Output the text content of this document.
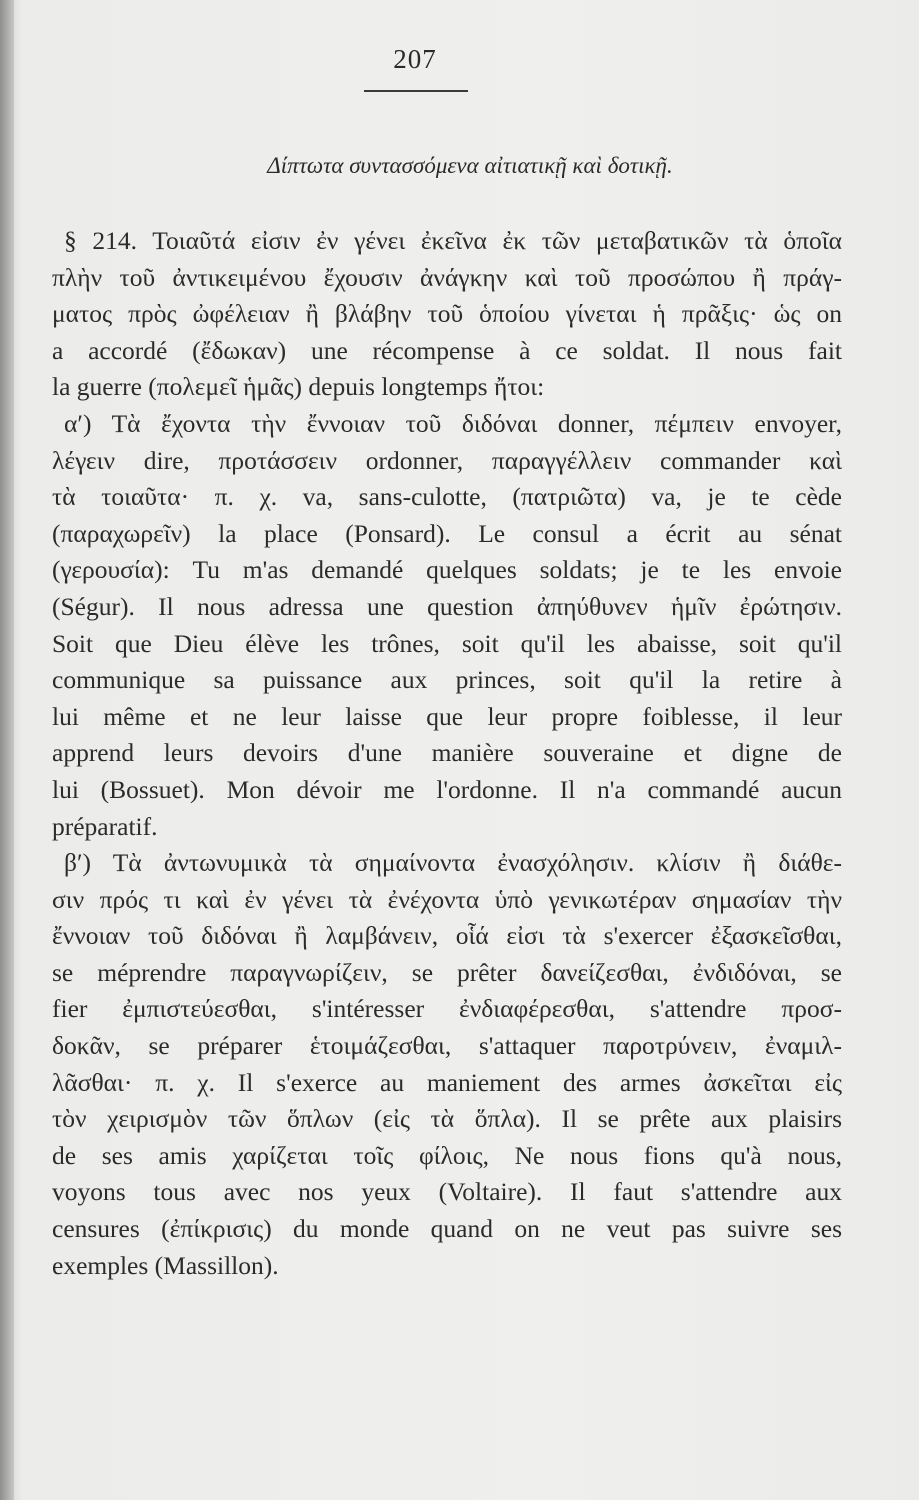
207
Δίπτωτα συντασσόμενα αἰτιατικῇ καὶ δοτικῇ.
§ 214. Τοιαῦτά εἰσιν ἐν γένει ἐκεῖνα ἐκ τῶν μεταβατικῶν τὰ ὁποῖα
πλὴν τοῦ ἀντικειμένου ἔχουσιν ἀνάγκην καὶ τοῦ προσώπου ἢ πράγ-
ματος πρὸς ὠφέλειαν ἢ βλάβην τοῦ ὁποίου γίνεται ἡ πρᾶξις· ὡς on
a accordé (ἔδωκαν) une récompense à ce soldat. Il nous fait
la guerre (πολεμεῖ ἡμᾶς) depuis longtemps ἤτοι:
α′) Τὰ ἔχοντα τὴν ἔννοιαν τοῦ διδόναι donner, πέμπειν envoyer,
λέγειν dire, προτάσσειν ordonner, παραγγέλλειν commander καὶ
τὰ τοιαῦτα· π. χ. va, sans-culotte, (πατριῶτα) va, je te cède
(παραχωρεῖν) la place (Ponsard). Le consul a écrit au sénat
(γερουσία): Tu m'as demandé quelques soldats; je te les envoie
(Ségur). Il nous adressa une question ἀπηύθυνεν ἡμῖν ἐρώτησιν.
Soit que Dieu élève les trônes, soit qu'il les abaisse, soit qu'il
communique sa puissance aux princes, soit qu'il la retire à
lui même et ne leur laisse que leur propre foiblesse, il leur
apprend leurs devoirs d'une manière souveraine et digne de
lui (Bossuet). Mon dévoir me l'ordonne. Il n'a commandé aucun
préparatif.
β′) Τὰ ἀντωνυμικὰ τὰ σημαίνοντα ἐνασχόλησιν. κλίσιν ἢ διάθε-
σιν πρός τι καὶ ἐν γένει τὰ ἐνέχοντα ὑπὸ γενικωτέραν σημασίαν τὴν
ἔννοιαν τοῦ διδόναι ἢ λαμβάνειν, οἷά εἰσι τὰ s'exercer ἐξασκεῖσθαι,
se méprendre παραγνωρίζειν, se prêter δανείζεσθαι, ἐνδιδόναι, se
fier ἐμπιστεύεσθαι, s'intéresser ἐνδιαφέρεσθαι, s'attendre προσ-
δοκᾶν, se préparer ἑτοιμάζεσθαι, s'attaquer παροτρύνειν, ἐναμιλ-
λᾶσθαι· π. χ. Il s'exerce au maniement des armes ἀσκεῖται εἰς
τὸν χειρισμὸν τῶν ὅπλων (εἰς τὰ ὅπλα). Il se prête aux plaisirs
de ses amis χαρίζεται τοῖς φίλοις, Ne nous fions qu'à nous,
voyons tous avec nos yeux (Voltaire). Il faut s'attendre aux
censures (ἐπίκρισις) du monde quand on ne veut pas suivre ses
exemples (Massillon).
